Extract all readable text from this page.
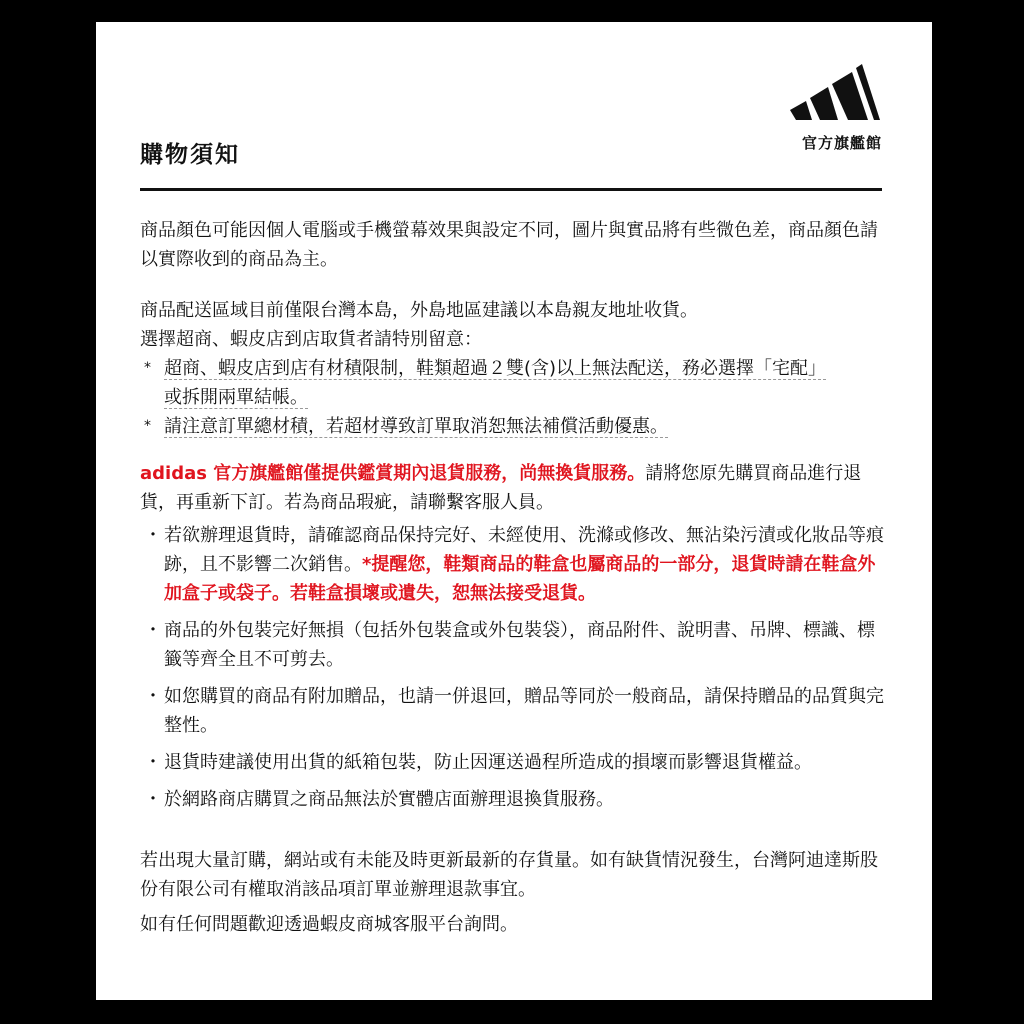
官方旗艦館
購物須知

商品顏色可能因個人電腦或手機螢幕效果與設定不同，圖片與實品將有些微色差，商品顏色請以實際收到的商品為主。

商品配送區域目前僅限台灣本島，外島地區建議以本島親友地址收貨。

選擇超商、蝦皮店到店取貨者請特別留意：

* 超商、蝦皮店到店有材積限制，鞋類超過２雙(含)以上無法配送，務必選擇「宅配」
或拆開兩單結帳。
* 請注意訂單總材積，若超材導致訂單取消恕無法補償活動優惠。

adidas 官方旗艦館僅提供鑑賞期內退貨服務，尚無換貨服務。請將您原先購買商品進行退貨，再重新下訂。若為商品瑕疵，請聯繫客服人員。

・ 若欲辦理退貨時，請確認商品保持完好、未經使用、洗滌或修改、無沾染污漬或化妝品等痕跡，且不影響二次銷售。*提醒您，鞋類商品的鞋盒也屬商品的一部分，退貨時請在鞋盒外加盒子或袋子。若鞋盒損壞或遺失，恕無法接受退貨。
・ 商品的外包裝完好無損（包括外包裝盒或外包裝袋），商品附件、說明書、吊牌、標識、標籤等齊全且不可剪去。
・ 如您購買的商品有附加贈品，也請一併退回，贈品等同於一般商品，請保持贈品的品質與完整性。
・ 退貨時建議使用出貨的紙箱包裝，防止因運送過程所造成的損壞而影響退貨權益。
・ 於網路商店購買之商品無法於實體店面辦理退換貨服務。

若出現大量訂購，網站或有未能及時更新最新的存貨量。如有缺貨情況發生，台灣阿迪達斯股份有限公司有權取消該品項訂單並辦理退款事宜。

如有任何問題歡迎透過蝦皮商城客服平台詢問。
